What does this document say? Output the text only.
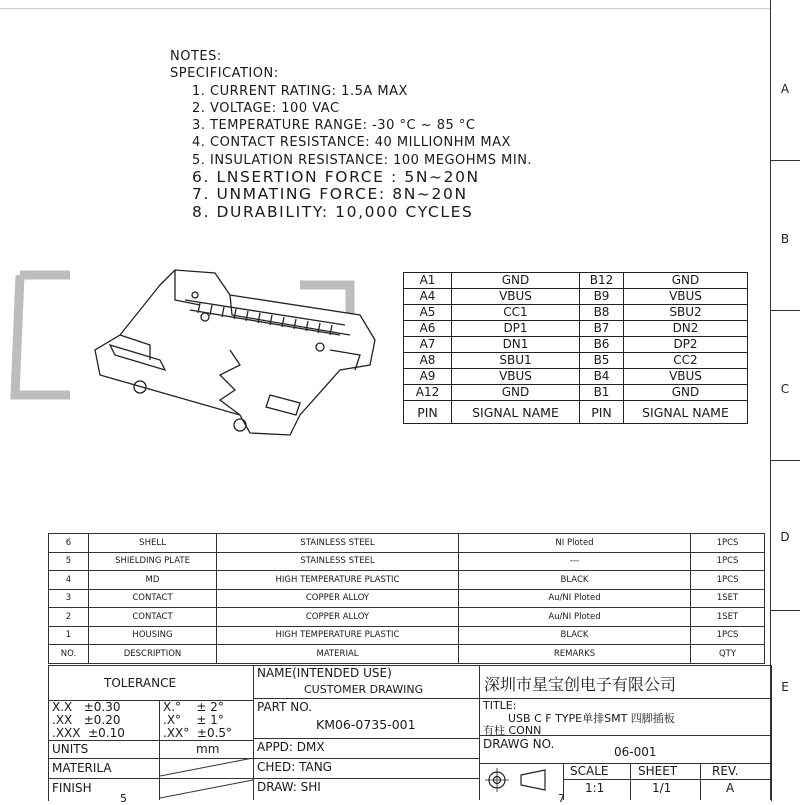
A
B
C
D
E
NOTES:
SPECIFICATION:
1. CURRENT RATING: 1.5A MAX
2. VOLTAGE: 100 VAC
3. TEMPERATURE RANGE: -30 °C ~ 85 °C
4. CONTACT RESISTANCE: 40 MILLIONHM MAX
5. INSULATION RESISTANCE: 100 MEGOHMS MIN.
6. LNSERTION FORCE : 5N~20N
7. UNMATING FORCE: 8N~20N
8. DURABILITY: 10,000 CYCLES
A1	GND	B12	GND
A4	VBUS	B9	VBUS
A5	CC1	B8	SBU2
A6	DP1	B7	DN2
A7	DN1	B6	DP2
A8	SBU1	B5	CC2
A9	VBUS	B4	VBUS
A12	GND	B1	GND
PIN	SIGNAL NAME	PIN	SIGNAL NAME
6	SHELL	STAINLESS STEEL	NI Ploted	1PCS
5	SHIELDING PLATE	STAINLESS STEEL	---	1PCS
4	MD	HIGH TEMPERATURE PLASTIC	BLACK	1PCS
3	CONTACT	COPPER ALLOY	Au/NI Ploted	1SET
2	CONTACT	COPPER ALLOY	Au/NI Ploted	1SET
1	HOUSING	HIGH TEMPERATURE PLASTIC	BLACK	1PCS
NO.	DESCRIPTION	MATERIAL	REMARKS	QTY
TOLERANCE
X.X ±0.30
.XX ±0.20
.XXX ±0.10
X.° ± 2°
.X° ± 1°
.XX° ±0.5°
UNITS	mm
MATERILA
FINISH
NAME(INTENDED USE)
CUSTOMER DRAWING
PART NO.
KM06-0735-001
APPD: DMX
CHED: TANG
DRAW: SHI
深圳市星宝创电子有限公司
TITLE:
USB C F TYPE单排SMT 四脚插板
有柱 CONN
DRAWG NO.
06-001
SCALE
1:1
SHEET
1/1
REV.
A
5	7
